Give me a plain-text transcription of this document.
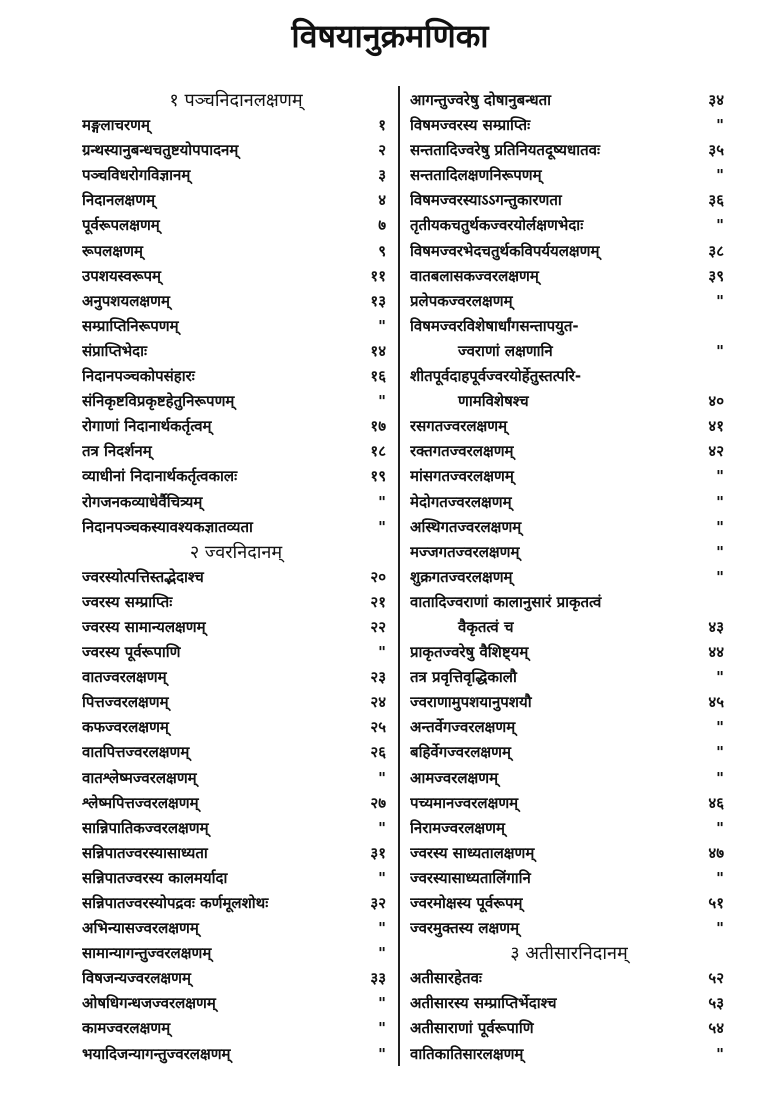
विषयानुक्रमणिका
१ पञ्चनिदानलक्षणम्
मङ्गलाचरणम्	१
ग्रन्थस्यानुबन्धचतुष्टयोपपादनम्	२
पञ्चविधरोगविज्ञानम्	३
निदानलक्षणम्	४
पूर्वरूपलक्षणम्	७
रूपलक्षणम्	९
उपशयस्वरूपम्	११
अनुपशयलक्षणम्	१३
सम्प्राप्तिनिरूपणम्	"
संप्राप्तिभेदाः	१४
निदानपञ्चकोपसंहारः	१६
संनिकृष्टविप्रकृष्टहेतुनिरूपणम्	"
रोगाणां निदानार्थकर्तृत्वम्	१७
तत्र निदर्शनम्	१८
व्याधीनां निदानार्थकर्तृत्वकालः	१९
रोगजनकव्याधेर्वैचित्र्यम्	"
निदानपञ्चकस्यावश्यकज्ञातव्यता	"
२ ज्वरनिदानम्
ज्वरस्योत्पत्तिस्तद्भेदाश्च	२०
ज्वरस्य सम्प्राप्तिः	२१
ज्वरस्य सामान्यलक्षणम्	२२
ज्वरस्य पूर्वरूपाणि	"
वातज्वरलक्षणम्	२३
पित्तज्वरलक्षणम्	२४
कफज्वरलक्षणम्	२५
वातपित्तज्वरलक्षणम्	२६
वातश्लेष्मज्वरलक्षणम्	"
श्लेष्मपित्तज्वरलक्षणम्	२७
सान्निपातिकज्वरलक्षणम्	"
सन्निपातज्वरस्यासाध्यता	३१
सन्निपातज्वरस्य कालमर्यादा	"
सन्निपातज्वरस्योपद्रवः कर्णमूलशोथः	३२
अभिन्यासज्वरलक्षणम्	"
सामान्यागन्तुज्वरलक्षणम्	"
विषजन्यज्वरलक्षणम्	३३
ओषधिगन्धजज्वरलक्षणम्	"
कामज्वरलक्षणम्	"
भयादिजन्यागन्तुज्वरलक्षणम्	"
आगन्तुज्वरेषु दोषानुबन्धता	३४
विषमज्वरस्य सम्प्राप्तिः	"
सन्ततादिज्वरेषु प्रतिनियतदूष्यधातवः	३५
सन्ततादिलक्षणनिरूपणम्	"
विषमज्वरस्याऽऽगन्तुकारणता	३६
तृतीयकचतुर्थकज्वरयोर्लक्षणभेदाः	"
विषमज्वरभेदचतुर्थकविपर्ययलक्षणम्	३८
वातबलासकज्वरलक्षणम्	३९
प्रलेपकज्वरलक्षणम्	"
विषमज्वरविशेषार्धांगसन्तापयुत-
ज्वराणां लक्षणानि	"
शीतपूर्वदाहपूर्वज्वरयोर्हेतुस्तत्परि-
णामविशेषश्च	४०
रसगतज्वरलक्षणम्	४१
रक्तगतज्वरलक्षणम्	४२
मांसगतज्वरलक्षणम्	"
मेदोगतज्वरलक्षणम्	"
अस्थिगतज्वरलक्षणम्	"
मज्जगतज्वरलक्षणम्	"
शुक्रगतज्वरलक्षणम्	"
वातादिज्वराणां कालानुसारं प्राकृतत्वं
वैकृतत्वं च	४३
प्राकृतज्वरेषु वैशिष्ट्यम्	४४
तत्र प्रवृत्तिवृद्धिकालौ	"
ज्वराणामुपशयानुपशयौ	४५
अन्तर्वेगज्वरलक्षणम्	"
बहिर्वेगज्वरलक्षणम्	"
आमज्वरलक्षणम्	"
पच्यमानज्वरलक्षणम्	४६
निरामज्वरलक्षणम्	"
ज्वरस्य साध्यतालक्षणम्	४७
ज्वरस्यासाध्यतालिंगानि	"
ज्वरमोक्षस्य पूर्वरूपम्	५१
ज्वरमुक्तस्य लक्षणम्	"
३ अतीसारनिदानम्
अतीसारहेतवः	५२
अतीसारस्य सम्प्राप्तिर्भेदाश्च	५३
अतीसाराणां पूर्वरूपाणि	५४
वातिकातिसारलक्षणम्	"
